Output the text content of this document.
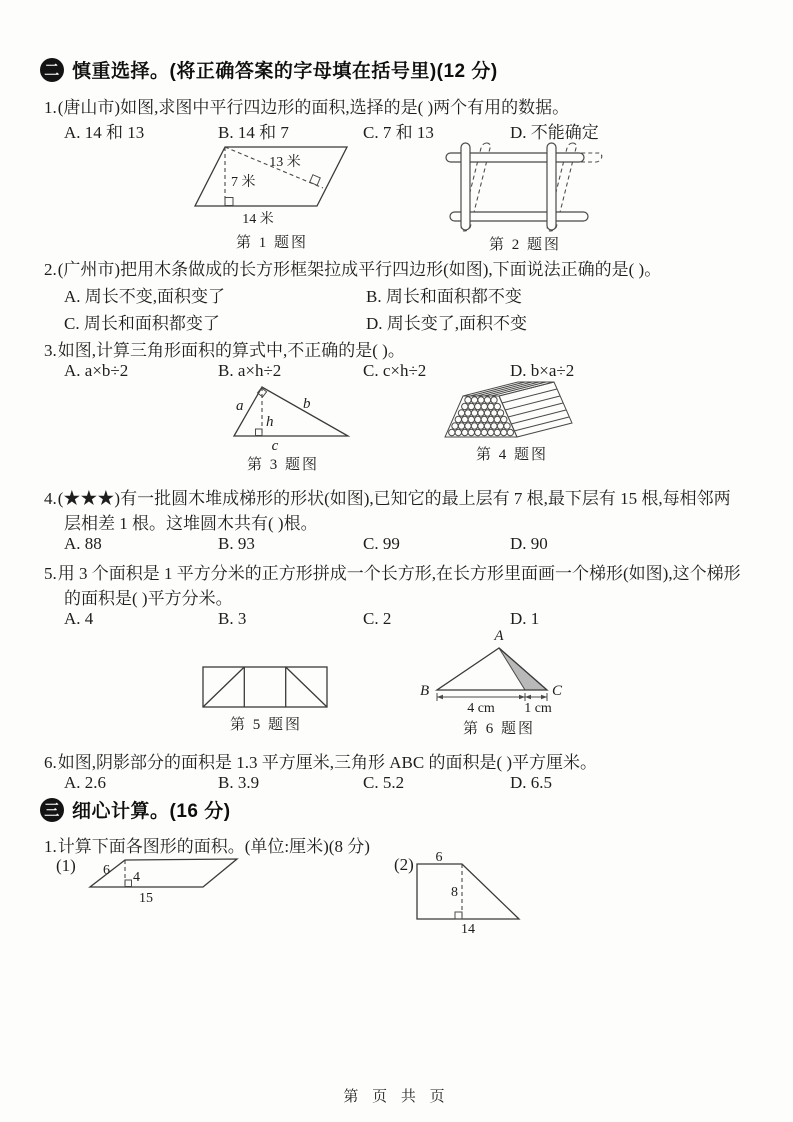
二 慎重选择。(将正确答案的字母填在括号里)(12 分)
1.(唐山市)如图,求图中平行四边形的面积,选择的是( )两个有用的数据。
A. 14 和 13	B. 14 和 7	C. 7 和 13	D. 不能确定
7 米
13 米
14 米
第 1 题图	第 2 题图
2.(广州市)把用木条做成的长方形框架拉成平行四边形(如图),下面说法正确的是( )。
A. 周长不变,面积变了	B. 周长和面积都不变
C. 周长和面积都变了	D. 周长变了,面积不变
3.如图,计算三角形面积的算式中,不正确的是( )。
A. a×b÷2	B. a×h÷2	C. c×h÷2	D. b×a÷2
a	b
h
c
第 3 题图
第 4 题图
4.(★★★)有一批圆木堆成梯形的形状(如图),已知它的最上层有 7 根,最下层有 15 根,每相邻两
层相差 1 根。这堆圆木共有( )根。
A. 88	B. 93	C. 99	D. 90
5.用 3 个面积是 1 平方分米的正方形拼成一个长方形,在长方形里面画一个梯形(如图),这个梯形
的面积是( )平方分米。
A. 4	B. 3	C. 2	D. 1
第 5 题图
A
B	C
4 cm 1 cm
第 6 题图
6.如图,阴影部分的面积是 1.3 平方厘米,三角形 ABC 的面积是( )平方厘米。
A. 2.6	B. 3.9	C. 5.2	D. 6.5
三 细心计算。(16 分)
1.计算下面各图形的面积。(单位:厘米)(8 分)
(1) 6 4
15
(2) 6
8
14
第 页 共 页
